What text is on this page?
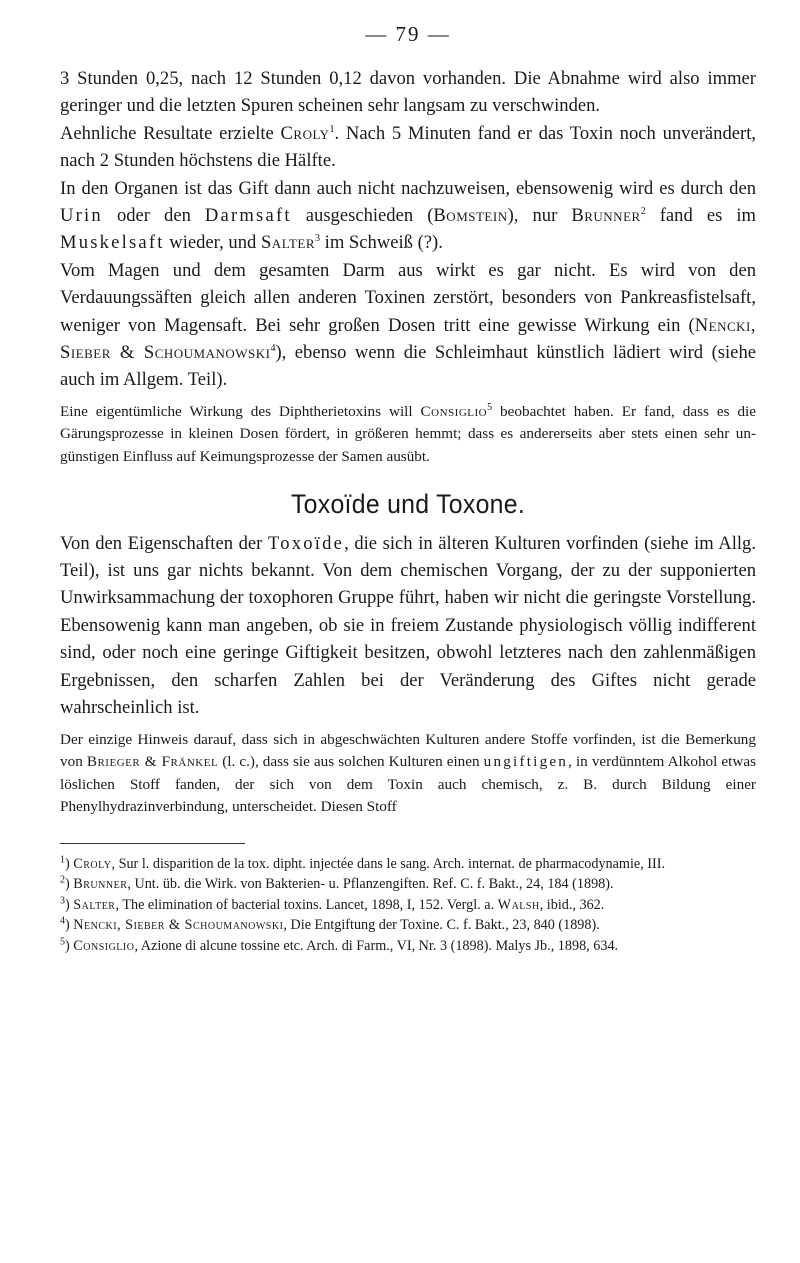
— 79 —

3 Stunden 0,25, nach 12 Stunden 0,12 davon vorhanden. Die Abnahme wird also immer geringer und die letzten Spuren scheinen sehr langsam zu verschwinden.

Aehnliche Resultate erzielte Croly$^1$. Nach 5 Minuten fand er das Toxin noch unverändert, nach 2 Stunden höchstens die Hälfte.

In den Organen ist das Gift dann auch nicht nachzuweisen, ebensowenig wird es durch den Urin oder den Darmsaft ausgeschieden (Bomstein), nur Brunner$^2$ fand es im Muskelsaft wieder, und Salter$^3$ im Schweiß (?).

Vom Magen und dem gesamten Darm aus wirkt es gar nicht. Es wird von den Verdauungssäften gleich allen anderen Toxinen zerstört, besonders von Pankreasfistelsaft, weniger von Magensaft. Bei sehr großen Dosen tritt eine gewisse Wirkung ein (Nencki, Sieber & Schoumanowski$^4$), ebenso wenn die Schleimhaut künstlich lädiert wird (siehe auch im Allgem. Teil).

Eine eigentümliche Wirkung des Diphtherietoxins will Consiglio$^5$ beobachtet haben. Er fand, dass es die Gärungsprozesse in kleinen Dosen fördert, in größeren hemmt; dass es andererseits aber stets einen sehr ungünstigen Einfluss auf Keimungsprozesse der Samen ausübt.

Toxoïde und Toxone.

Von den Eigenschaften der Toxoïde, die sich in älteren Kulturen vorfinden (siehe im Allg. Teil), ist uns gar nichts bekannt. Von dem chemischen Vorgang, der zu der supponierten Unwirksammachung der toxophoren Gruppe führt, haben wir nicht die geringste Vorstellung. Ebensowenig kann man angeben, ob sie in freiem Zustande physiologisch völlig indifferent sind, oder noch eine geringe Giftigkeit besitzen, obwohl letzteres nach den zahlenmäßigen Ergebnissen, den scharfen Zahlen bei der Veränderung des Giftes nicht gerade wahrscheinlich ist.

Der einzige Hinweis darauf, dass sich in abgeschwächten Kulturen andere Stoffe vorfinden, ist die Bemerkung von Brieger & Fränkel (l. c.), dass sie aus solchen Kulturen einen ungiftigen, in verdünntem Alkohol etwas löslichen Stoff fanden, der sich von dem Toxin auch chemisch, z. B. durch Bildung einer Phenylhydrazinverbindung, unterscheidet. Diesen Stoff

$^1$) Croly, Sur l. disparition de la tox. dipht. injectée dans le sang. Arch. internat. de pharmacodynamie, III.

$^2$) Brunner, Unt. üb. die Wirk. von Bakterien- u. Pflanzengiften. Ref. C. f. Bakt., 24, 184 (1898).

$^3$) Salter, The elimination of bacterial toxins. Lancet, 1898, I, 152. Vergl. a. Walsh, ibid., 362.

$^4$) Nencki, Sieber & Schoumanowski, Die Entgiftung der Toxine. C. f. Bakt., 23, 840 (1898).

$^5$) Consiglio, Azione di alcune tossine etc. Arch. di Farm., VI, Nr. 3 (1898). Malys Jb., 1898, 634.
